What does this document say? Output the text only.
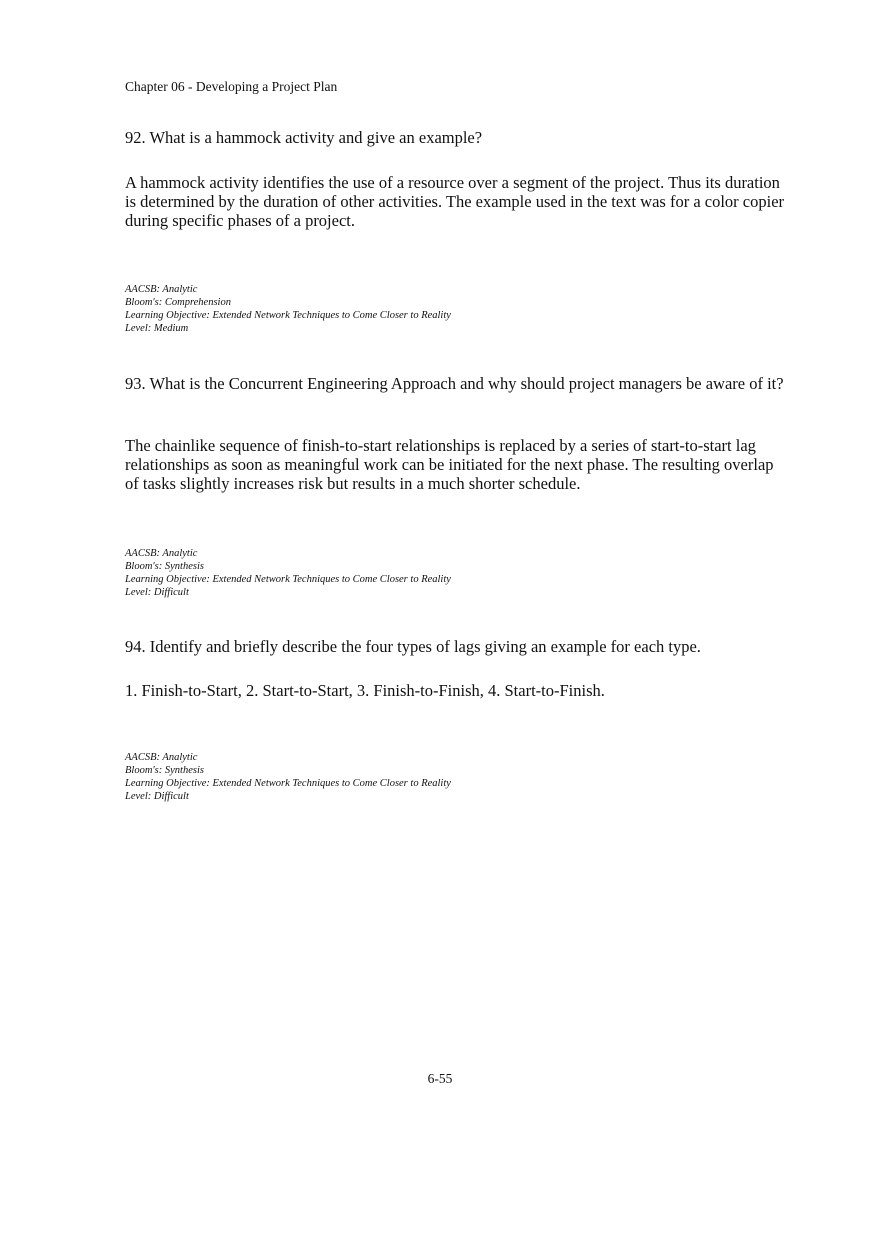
Chapter 06 - Developing a Project Plan

92. What is a hammock activity and give an example?

A hammock activity identifies the use of a resource over a segment of the project. Thus its duration is determined by the duration of other activities. The example used in the text was for a color copier during specific phases of a project.

AACSB: Analytic
Bloom's: Comprehension
Learning Objective: Extended Network Techniques to Come Closer to Reality
Level: Medium

93. What is the Concurrent Engineering Approach and why should project managers be aware of it?

The chainlike sequence of finish-to-start relationships is replaced by a series of start-to-start lag relationships as soon as meaningful work can be initiated for the next phase. The resulting overlap of tasks slightly increases risk but results in a much shorter schedule.

AACSB: Analytic
Bloom's: Synthesis
Learning Objective: Extended Network Techniques to Come Closer to Reality
Level: Difficult

94. Identify and briefly describe the four types of lags giving an example for each type.

1. Finish-to-Start, 2. Start-to-Start, 3. Finish-to-Finish, 4. Start-to-Finish.

AACSB: Analytic
Bloom's: Synthesis
Learning Objective: Extended Network Techniques to Come Closer to Reality
Level: Difficult
6-55
